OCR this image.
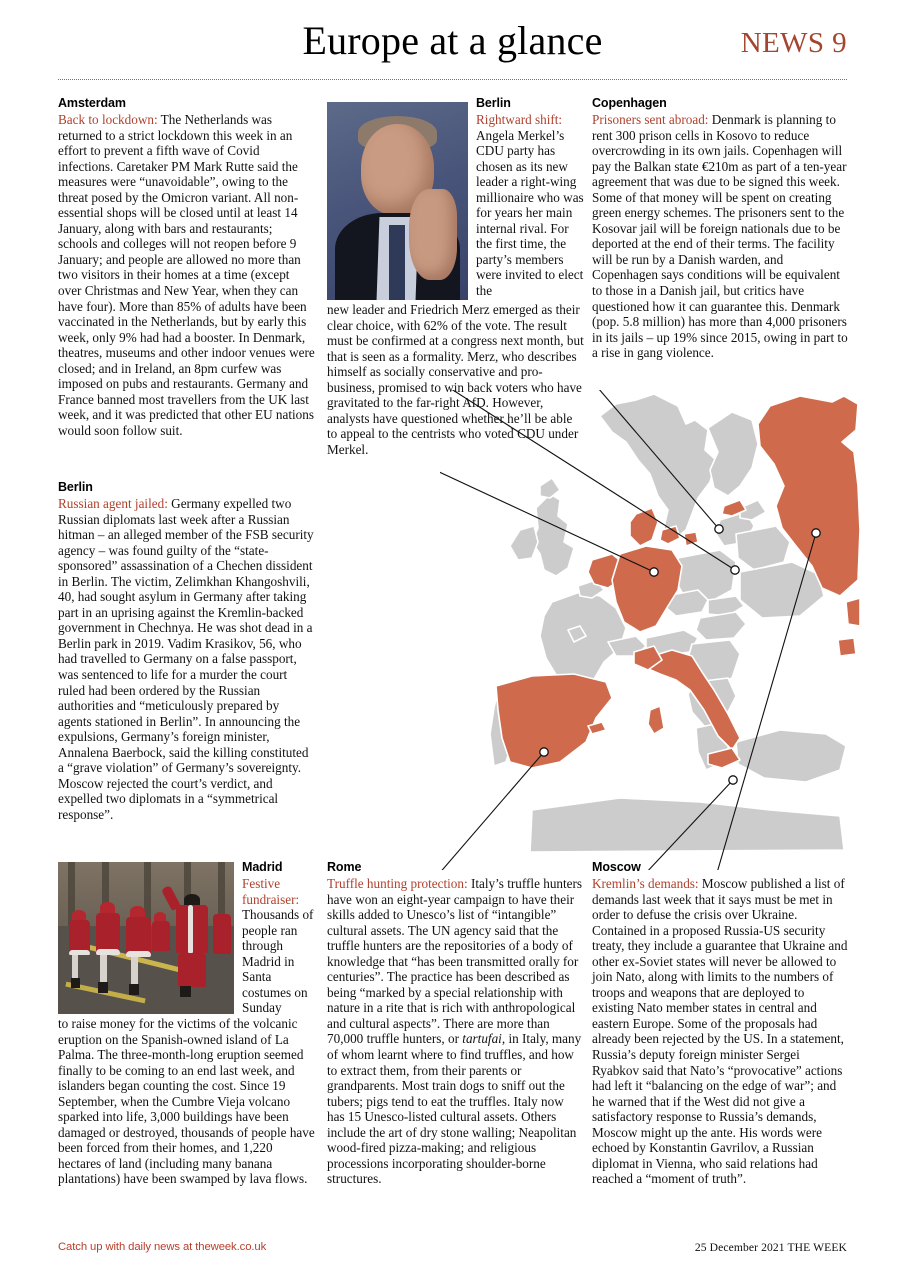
Europe at a glance	NEWS 9

Amsterdam

Back to lockdown: The Netherlands was returned to a strict lockdown this week in an effort to prevent a fifth wave of Covid infections. Caretaker PM Mark Rutte said the measures were “unavoidable”, owing to the threat posed by the Omicron variant. All non-essential shops will be closed until at least 14 January, along with bars and restaurants; schools and colleges will not reopen before 9 January; and people are allowed no more than two visitors in their homes at a time (except over Christmas and New Year, when they can have four). More than 85% of adults have been vaccinated in the Netherlands, but by early this week, only 9% had had a booster. In Denmark, theatres, museums and other indoor venues were closed; and in Ireland, an 8pm curfew was imposed on pubs and restaurants. Germany and France banned most travellers from the UK last week, and it was predicted that other EU nations would soon follow suit.

Berlin

Russian agent jailed: Germany expelled two Russian diplomats last week after a Russian hitman – an alleged member of the FSB security agency – was found guilty of the “state-sponsored” assassination of a Chechen dissident in Berlin. The victim, Zelimkhan Khangoshvili, 40, had sought asylum in Germany after taking part in an uprising against the Kremlin-backed government in Chechnya. He was shot dead in a Berlin park in 2019. Vadim Krasikov, 56, who had travelled to Germany on a false passport, was sentenced to life for a murder the court ruled had been ordered by the Russian authorities and “meticulously prepared by agents stationed in Berlin”. In announcing the expulsions, Germany’s foreign minister, Annalena Baerbock, said the killing constituted a “grave violation” of Germany’s sovereignty. Moscow rejected the court’s verdict, and expelled two diplomats in a “symmetrical response”.

Madrid

Festive fundraiser: Thousands of people ran through Madrid in Santa costumes on Sunday

to raise money for the victims of the volcanic eruption on the Spanish-owned island of La Palma. The three-month-long eruption seemed finally to be coming to an end last week, and islanders began counting the cost. Since 19 September, when the Cumbre Vieja volcano sparked into life, 3,000 buildings have been damaged or destroyed, thousands of people have been forced from their homes, and 1,220 hectares of land (including many banana plantations) have been swamped by lava flows.

Berlin

Rightward shift: Angela Merkel’s CDU party has chosen as its new leader a right-wing millionaire who was for years her main internal rival. For the first time, the party’s members were invited to elect the

new leader and Friedrich Merz emerged as their clear choice, with 62% of the vote. The result must be confirmed at a congress next month, but that is seen as a formality. Merz, who describes himself as socially conservative and pro-business, promised to win back voters who have gravitated to the far-right AfD. However, analysts have questioned whether he’ll be able to appeal to the centrists who voted CDU under Merkel.

Rome

Truffle hunting protection: Italy’s truffle hunters have won an eight-year campaign to have their skills added to Unesco’s list of “intangible” cultural assets. The UN agency said that the truffle hunters are the repositories of a body of knowledge that “has been transmitted orally for centuries”. The practice has been described as being “marked by a special relationship with nature in a rite that is rich with anthropological and cultural aspects”. There are more than 70,000 truffle hunters, or tartufai, in Italy, many of whom learnt where to find truffles, and how to extract them, from their parents or grandparents. Most train dogs to sniff out the tubers; pigs tend to eat the truffles. Italy now has 15 Unesco-listed cultural assets. Others include the art of dry stone walling; Neapolitan wood-fired pizza-making; and religious processions incorporating shoulder-borne structures.

Copenhagen

Prisoners sent abroad: Denmark is planning to rent 300 prison cells in Kosovo to reduce overcrowding in its own jails. Copenhagen will pay the Balkan state €210m as part of a ten-year agreement that was due to be signed this week. Some of that money will be spent on creating green energy schemes. The prisoners sent to the Kosovar jail will be foreign nationals due to be deported at the end of their terms. The facility will be run by a Danish warden, and Copenhagen says conditions will be equivalent to those in a Danish jail, but critics have questioned how it can guarantee this. Denmark (pop. 5.8 million) has more than 4,000 prisoners in its jails – up 19% since 2015, owing in part to a rise in gang violence.

Moscow

Kremlin’s demands: Moscow published a list of demands last week that it says must be met in order to defuse the crisis over Ukraine. Contained in a proposed Russia-US security treaty, they include a guarantee that Ukraine and other ex-Soviet states will never be allowed to join Nato, along with limits to the numbers of troops and weapons that are deployed to existing Nato member states in central and eastern Europe. Some of the proposals had already been rejected by the US. In a statement, Russia’s deputy foreign minister Sergei Ryabkov said that Nato’s “provocative” actions had left it “balancing on the edge of war”; and he warned that if the West did not give a satisfactory response to Russia’s demands, Moscow might up the ante. His words were echoed by Konstantin Gavrilov, a Russian diplomat in Vienna, who said relations had reached a “moment of truth”.

Catch up with daily news at theweek.co.uk	25 December 2021 THE WEEK
